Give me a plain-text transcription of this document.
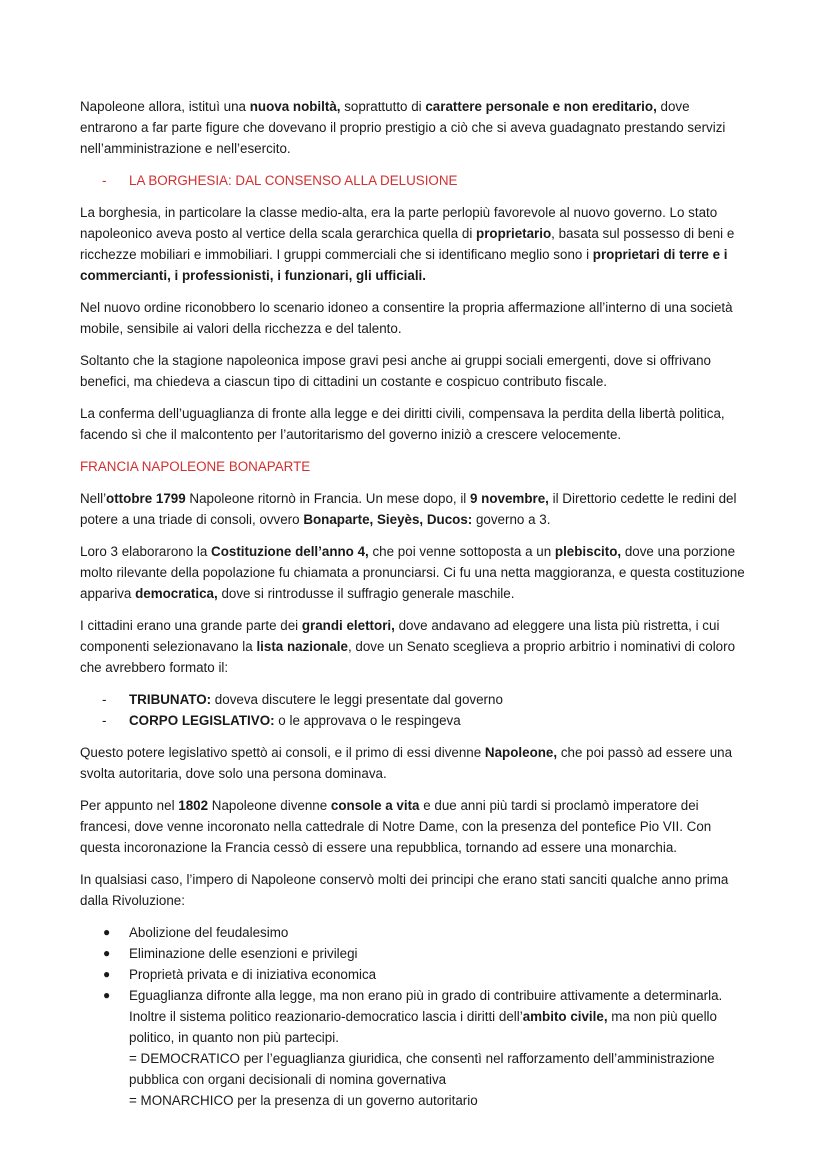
Napoleone allora, istituì una nuova nobiltà, soprattutto di carattere personale e non ereditario, dove entrarono a far parte figure che dovevano il proprio prestigio a ciò che si aveva guadagnato prestando servizi nell’amministrazione e nell’esercito.

- LA BORGHESIA: DAL CONSENSO ALLA DELUSIONE

La borghesia, in particolare la classe medio-alta, era la parte perlopiù favorevole al nuovo governo. Lo stato napoleonico aveva posto al vertice della scala gerarchica quella di proprietario, basata sul possesso di beni e ricchezze mobiliari e immobiliari. I gruppi commerciali che si identificano meglio sono i proprietari di terre e i commercianti, i professionisti, i funzionari, gli ufficiali.

Nel nuovo ordine riconobbero lo scenario idoneo a consentire la propria affermazione all’interno di una società mobile, sensibile ai valori della ricchezza e del talento.

Soltanto che la stagione napoleonica impose gravi pesi anche ai gruppi sociali emergenti, dove si offrivano benefici, ma chiedeva a ciascun tipo di cittadini un costante e cospicuo contributo fiscale.

La conferma dell’uguaglianza di fronte alla legge e dei diritti civili, compensava la perdita della libertà politica, facendo sì che il malcontento per l’autoritarismo del governo iniziò a crescere velocemente.

FRANCIA NAPOLEONE BONAPARTE

Nell’ottobre 1799 Napoleone ritornò in Francia. Un mese dopo, il 9 novembre, il Direttorio cedette le redini del potere a una triade di consoli, ovvero Bonaparte, Sieyès, Ducos: governo a 3.

Loro 3 elaborarono la Costituzione dell’anno 4, che poi venne sottoposta a un plebiscito, dove una porzione molto rilevante della popolazione fu chiamata a pronunciarsi. Ci fu una netta maggioranza, e questa costituzione appariva democratica, dove si rintrodusse il suffragio generale maschile.

I cittadini erano una grande parte dei grandi elettori, dove andavano ad eleggere una lista più ristretta, i cui componenti selezionavano la lista nazionale, dove un Senato sceglieva a proprio arbitrio i nominativi di coloro che avrebbero formato il:

- TRIBUNATO: doveva discutere le leggi presentate dal governo
- CORPO LEGISLATIVO: o le approvava o le respingeva

Questo potere legislativo spettò ai consoli, e il primo di essi divenne Napoleone, che poi passò ad essere una svolta autoritaria, dove solo una persona dominava.

Per appunto nel 1802 Napoleone divenne console a vita e due anni più tardi si proclamò imperatore dei francesi, dove venne incoronato nella cattedrale di Notre Dame, con la presenza del pontefice Pio VII. Con questa incoronazione la Francia cessò di essere una repubblica, tornando ad essere una monarchia.

In qualsiasi caso, l’impero di Napoleone conservò molti dei principi che erano stati sanciti qualche anno prima dalla Rivoluzione:

● Abolizione del feudalesimo
● Eliminazione delle esenzioni e privilegi
● Proprietà privata e di iniziativa economica
● Eguaglianza difronte alla legge, ma non erano più in grado di contribuire attivamente a determinarla. Inoltre il sistema politico reazionario-democratico lascia i diritti dell’ambito civile, ma non più quello politico, in quanto non più partecipi.
= DEMOCRATICO per l’eguaglianza giuridica, che consentì nel rafforzamento dell’amministrazione pubblica con organi decisionali di nomina governativa
= MONARCHICO per la presenza di un governo autoritario
